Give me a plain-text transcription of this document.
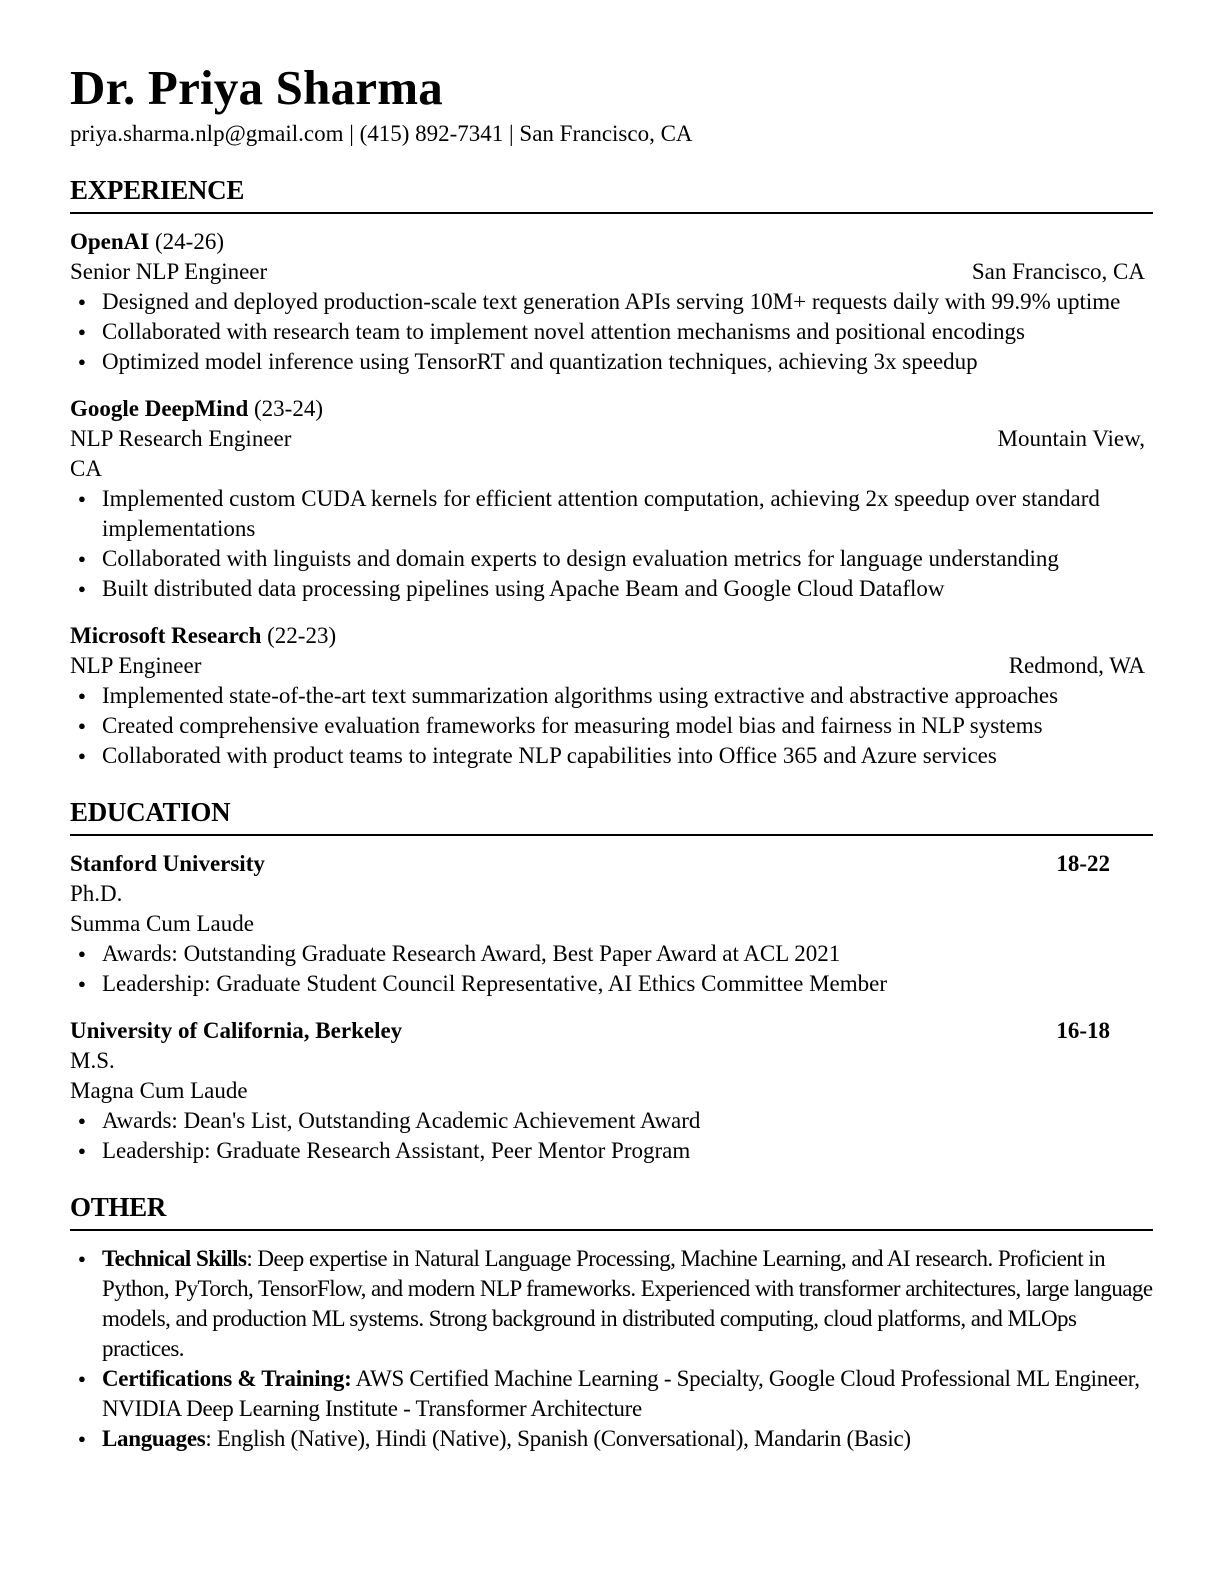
Dr. Priya Sharma
priya.sharma.nlp@gmail.com | (415) 892-7341 | San Francisco, CA
EXPERIENCE
OpenAI (24-26)
Senior NLP Engineer	San Francisco, CA
● Designed and deployed production-scale text generation APIs serving 10M+ requests daily with 99.9% uptime
● Collaborated with research team to implement novel attention mechanisms and positional encodings
● Optimized model inference using TensorRT and quantization techniques, achieving 3x speedup
Google DeepMind (23-24)
NLP Research Engineer	Mountain View,
CA
● Implemented custom CUDA kernels for efficient attention computation, achieving 2x speedup over standard implementations
● Collaborated with linguists and domain experts to design evaluation metrics for language understanding
● Built distributed data processing pipelines using Apache Beam and Google Cloud Dataflow
Microsoft Research (22-23)
NLP Engineer	Redmond, WA
● Implemented state-of-the-art text summarization algorithms using extractive and abstractive approaches
● Created comprehensive evaluation frameworks for measuring model bias and fairness in NLP systems
● Collaborated with product teams to integrate NLP capabilities into Office 365 and Azure services
EDUCATION
Stanford University	18-22
Ph.D.
Summa Cum Laude
● Awards: Outstanding Graduate Research Award, Best Paper Award at ACL 2021
● Leadership: Graduate Student Council Representative, AI Ethics Committee Member
University of California, Berkeley	16-18
M.S.
Magna Cum Laude
● Awards: Dean's List, Outstanding Academic Achievement Award
● Leadership: Graduate Research Assistant, Peer Mentor Program
OTHER
● Technical Skills: Deep expertise in Natural Language Processing, Machine Learning, and AI research. Proficient in Python, PyTorch, TensorFlow, and modern NLP frameworks. Experienced with transformer architectures, large language models, and production ML systems. Strong background in distributed computing, cloud platforms, and MLOps practices.
● Certifications & Training: AWS Certified Machine Learning - Specialty, Google Cloud Professional ML Engineer, NVIDIA Deep Learning Institute - Transformer Architecture
● Languages: English (Native), Hindi (Native), Spanish (Conversational), Mandarin (Basic)
